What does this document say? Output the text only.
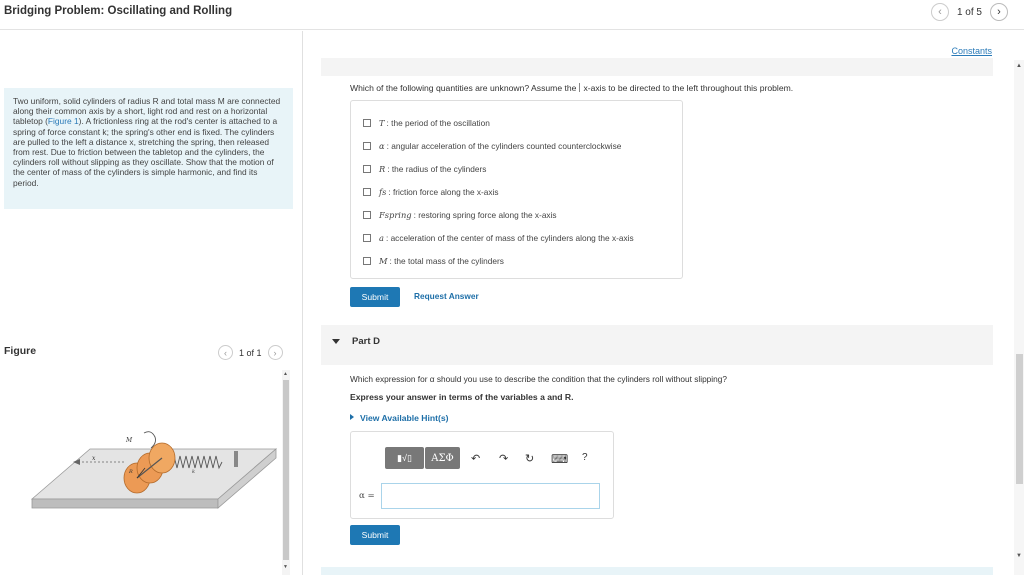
Bridging Problem: Oscillating and Rolling	‹	1 of 5	›
Two uniform, solid cylinders of radius R and total mass M are connected along their common axis by a short, light rod and rest on a horizontal tabletop (Figure 1). A frictionless ring at the rod's center is attached to a spring of force constant k; the spring's other end is fixed. The cylinders are pulled to the left a distance x, stretching the spring, then released from rest. Due to friction between the tabletop and the cylinders, the cylinders roll without slipping as they oscillate. Show that the motion of the center of mass of the cylinders is simple harmonic, and find its period.
Figure	‹	1 of 1	›
M
x
R	k
▲
▼
Constants
Which of the following quantities are unknown? Assume the x-axis to be directed to the left throughout this problem.
T : the period of the oscillation
α : angular acceleration of the cylinders counted counterclockwise
R : the radius of the cylinders
fs : friction force along the x-axis
Fspring : restoring spring force along the x-axis
a : acceleration of the center of mass of the cylinders along the x-axis
M : the total mass of the cylinders
Submit	Request Answer
Part D
Which expression for α should you use to describe the condition that the cylinders roll without slipping?
Express your answer in terms of the variables a and R.
View Available Hint(s)
▮√▯	ΑΣΦ	↶ ↷ ↻ ⌨ ?
α =
Submit
▲
▼
